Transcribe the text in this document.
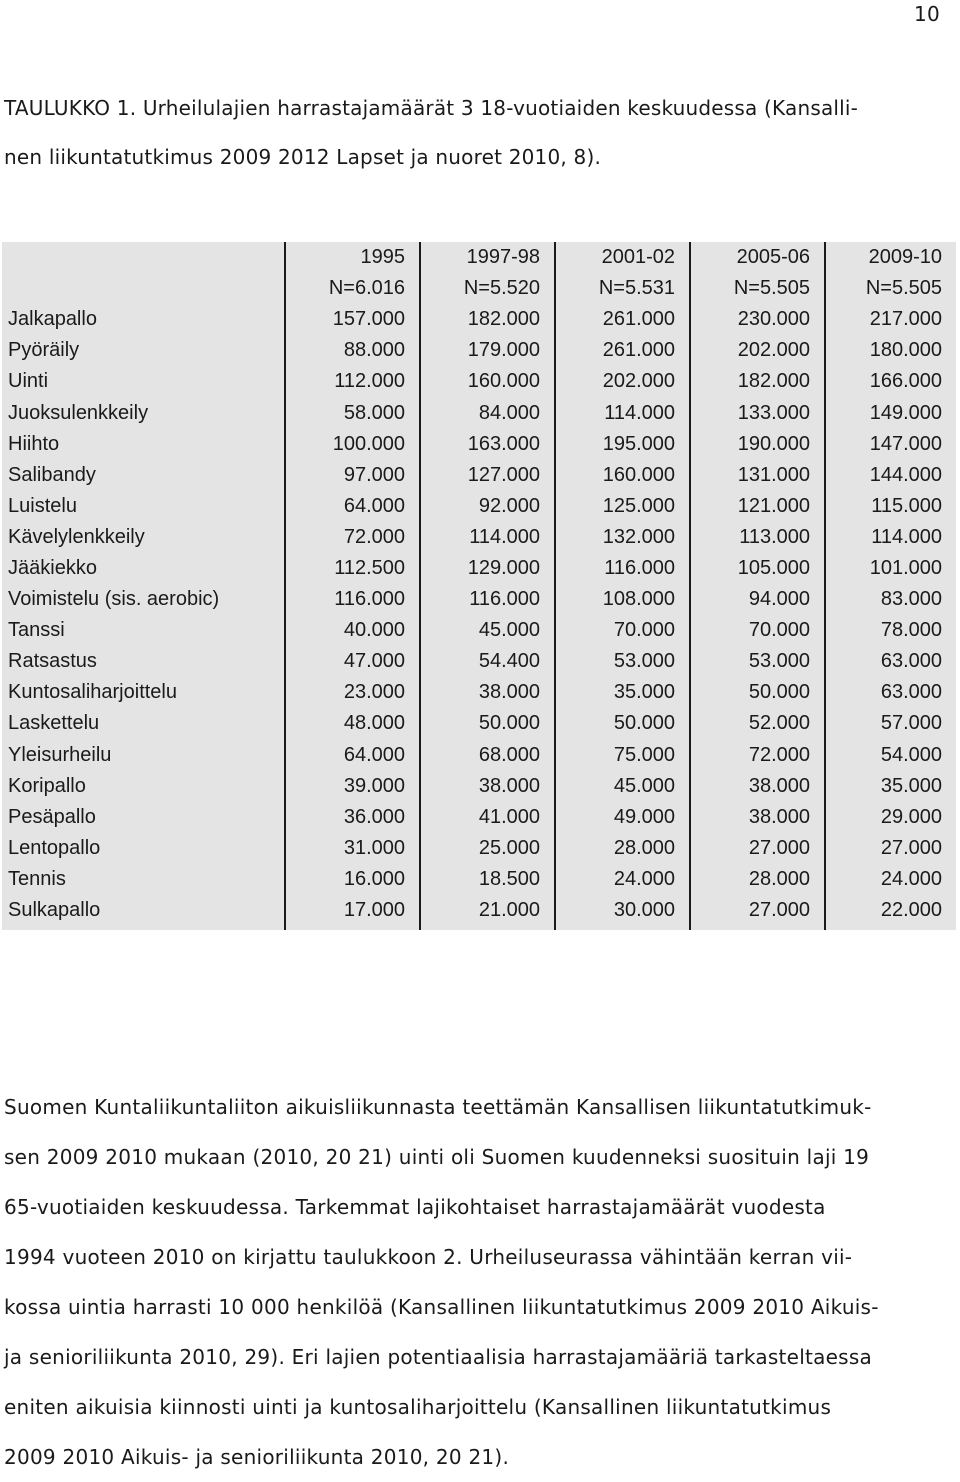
10
TAULUKKO 1. Urheilulajien harrastajamäärät 3 18-vuotiaiden keskuudessa (Kansalli-
nen liikuntatutkimus 2009 2012 Lapset ja nuoret 2010, 8).
	1995	1997-98	2001-02	2005-06	2009-10
	N=6.016	N=5.520	N=5.531	N=5.505	N=5.505
Jalkapallo	157.000	182.000	261.000	230.000	217.000
Pyöräily	88.000	179.000	261.000	202.000	180.000
Uinti	112.000	160.000	202.000	182.000	166.000
Juoksulenkkeily	58.000	84.000	114.000	133.000	149.000
Hiihto	100.000	163.000	195.000	190.000	147.000
Salibandy	97.000	127.000	160.000	131.000	144.000
Luistelu	64.000	92.000	125.000	121.000	115.000
Kävelylenkkeily	72.000	114.000	132.000	113.000	114.000
Jääkiekko	112.500	129.000	116.000	105.000	101.000
Voimistelu (sis. aerobic)	116.000	116.000	108.000	94.000	83.000
Tanssi	40.000	45.000	70.000	70.000	78.000
Ratsastus	47.000	54.400	53.000	53.000	63.000
Kuntosaliharjoittelu	23.000	38.000	35.000	50.000	63.000
Laskettelu	48.000	50.000	50.000	52.000	57.000
Yleisurheilu	64.000	68.000	75.000	72.000	54.000
Koripallo	39.000	38.000	45.000	38.000	35.000
Pesäpallo	36.000	41.000	49.000	38.000	29.000
Lentopallo	31.000	25.000	28.000	27.000	27.000
Tennis	16.000	18.500	24.000	28.000	24.000
Sulkapallo	17.000	21.000	30.000	27.000	22.000
Suomen Kuntaliikuntaliiton aikuisliikunnasta teettämän Kansallisen liikuntatutkimuk-
sen 2009 2010 mukaan (2010, 20 21) uinti oli Suomen kuudenneksi suosituin laji 19
65-vuotiaiden keskuudessa. Tarkemmat lajikohtaiset harrastajamäärät vuodesta
1994 vuoteen 2010 on kirjattu taulukkoon 2. Urheiluseurassa vähintään kerran vii-
kossa uintia harrasti 10 000 henkilöä (Kansallinen liikuntatutkimus 2009 2010 Aikuis-
ja senioriliikunta 2010, 29). Eri lajien potentiaalisia harrastajamääriä tarkasteltaessa
eniten aikuisia kiinnosti uinti ja kuntosaliharjoittelu (Kansallinen liikuntatutkimus
2009 2010 Aikuis- ja senioriliikunta 2010, 20 21).
